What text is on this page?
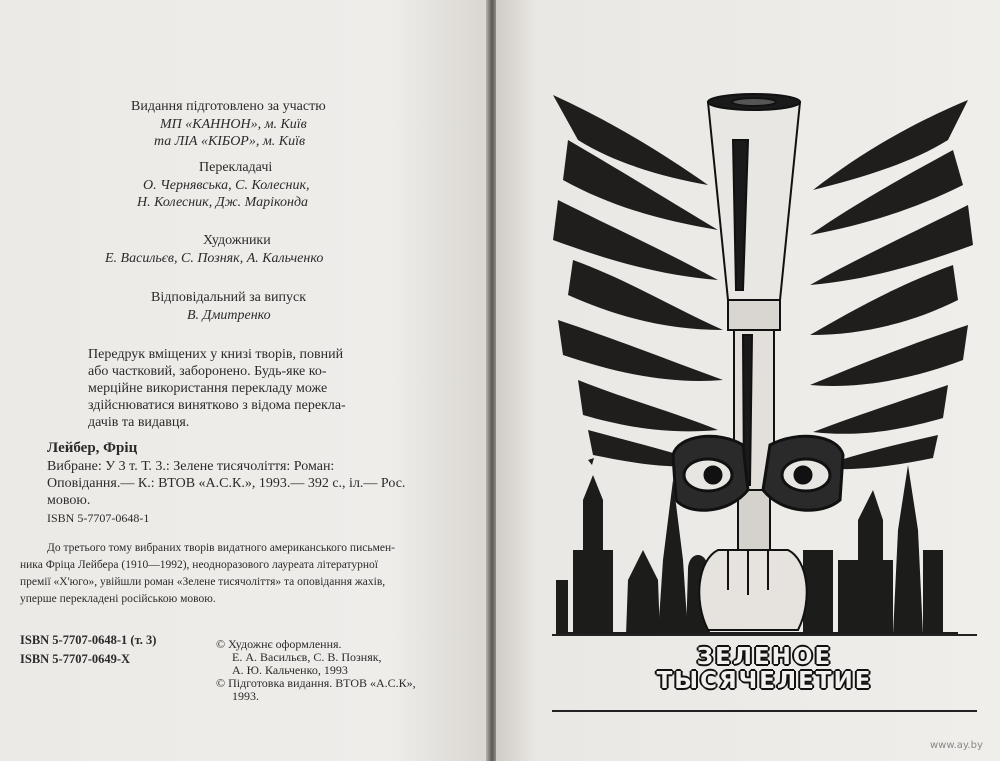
Видання підготовлено за участю
МП «КАННОН», м. Київ
та ЛІА «КІБОР», м. Київ
Перекладачі
О. Чернявська, С. Колесник,
Н. Колесник, Дж. Маріконда
Художники
Е. Васильєв, С. Позняк, А. Кальченко
Відповідальний за випуск
В. Дмитренко
Передрук вміщених у книзі творів, повний
або частковий, заборонено. Будь-яке ко-
мерційне використання перекладу може
здійснюватися винятково з відома перекла-
дачів та видавця.
Лейбер, Фріц
Вибране: У 3 т. Т. 3.: Зелене тисячоліття: Роман:
Оповідання.— К.: ВТОВ «А.С.К.», 1993.— 392 с., іл.— Рос.
мовою.
ISBN 5-7707-0648-1
До третього тому вибраних творів видатного американського письмен-
ника Фріца Лейбера (1910—1992), неодноразового лауреата літературної
премії «Х'юго», увійшли роман «Зелене тисячоліття» та оповідання жахів,
уперше перекладені російською мовою.
ISBN 5-7707-0648-1 (т. 3)
ISBN 5-7707-0649-X
© Художнє оформлення.
Е. А. Васильєв, С. В. Позняк,
А. Ю. Кальченко, 1993
© Підготовка видання. ВТОВ «А.С.К»,
1993.
ЗЕЛЕНОЕ
ТЫСЯЧЕЛЕТИЕ
www.ay.by
